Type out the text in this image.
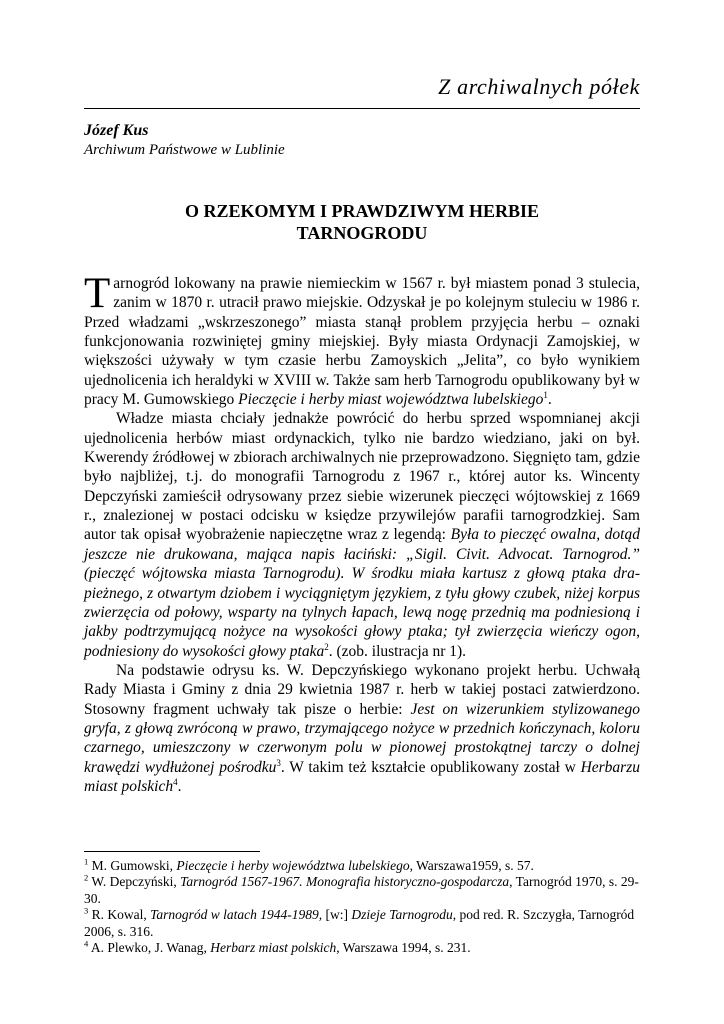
Z archiwalnych półek
Józef Kus
Archiwum Państwowe w Lublinie
O RZEKOMYM I PRAWDZIWYM HERBIE
TARNOGRODU

Tarnogród lokowany na prawie niemieckim w 1567 r. był miastem ponad 3 stulecia, zanim w 1870 r. utracił prawo miejskie. Odzyskał je po kolejnym stuleciu w 1986 r. Przed władzami „wskrzeszonego” miasta stanął problem przyjęcia herbu – oznaki funkcjonowania rozwiniętej gminy miejskiej. Były miasta Ordynacji Zamojskiej, w większości używały w tym czasie herbu Zamoyskich „Jelita”, co było wynikiem ujednolicenia ich heraldyki w XVIII w. Także sam herb Tarnogrodu opublikowany był w pracy M. Gumowskiego Pieczęcie i herby miast województwa lubelskiego$^1$.

Władze miasta chciały jednakże powrócić do herbu sprzed wspomnianej akcji ujednolicenia herbów miast ordynackich, tylko nie bardzo wiedziano, jaki on był. Kwerendy źródłowej w zbiorach archiwalnych nie przeprowadzono. Sięgnięto tam, gdzie było najbliżej, t.j. do monografii Tarnogrodu z 1967 r., której autor ks. Wincenty Depczyński zamieścił odrysowany przez siebie wizerunek pieczęci wójtowskiej z 1669 r., znalezionej w postaci odcisku w księdze przywilejów parafii tarnogrodzkiej. Sam autor tak opisał wyobrażenie napieczętne wraz z legendą: Była to pieczęć owalna, dotąd jeszcze nie drukowana, mająca napis łaciński: „Sigil. Civit. Advocat. Tarnogrod.” (pieczęć wójtowska miasta Tarnogrodu). W środku miała kartusz z głową ptaka drapieżnego, z otwartym dziobem i wyciągniętym językiem, z tyłu głowy czubek, niżej korpus zwierzęcia od połowy, wsparty na tylnych łapach, lewą nogę przednią ma podniesioną i jakby podtrzymującą nożyce na wysokości głowy ptaka; tył zwierzęcia wieńczy ogon, podniesiony do wysokości głowy ptaka$^2$. (zob. ilustracja nr 1).

Na podstawie odrysu ks. W. Depczyńskiego wykonano projekt herbu. Uchwałą Rady Miasta i Gminy z dnia 29 kwietnia 1987 r. herb w takiej postaci zatwierdzono. Stosowny fragment uchwały tak pisze o herbie: Jest on wizerunkiem stylizowanego gryfa, z głową zwróconą w prawo, trzymającego nożyce w przednich kończynach, koloru czarnego, umieszczony w czerwonym polu w pionowej prostokątnej tarczy o dolnej krawędzi wydłużonej pośrodku$^3$. W takim też kształcie opublikowany został w Herbarzu miast polskich$^4$.

$^1$ M. Gumowski, Pieczęcie i herby województwa lubelskiego, Warszawa1959, s. 57.

$^2$ W. Depczyński, Tarnogród 1567-1967. Monografia historyczno-gospodarcza, Tarnogród 1970, s. 29-30.

$^3$ R. Kowal, Tarnogród w latach 1944-1989, [w:] Dzieje Tarnogrodu, pod red. R. Szczygła, Tarnogród 2006, s. 316.

$^4$ A. Plewko, J. Wanag, Herbarz miast polskich, Warszawa 1994, s. 231.
